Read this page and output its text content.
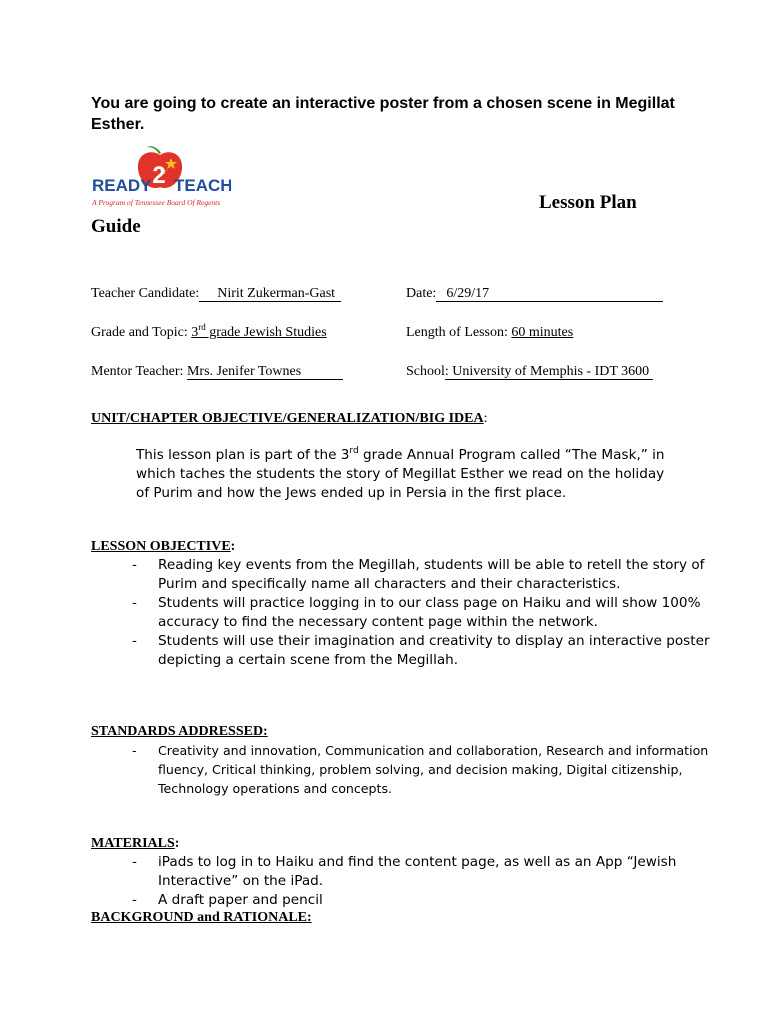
You are going to create an interactive poster from a chosen scene in Megillat Esther.
2
READY TEACH
A Program of Tennessee Board Of Regents	Lesson Plan
Guide
Teacher Candidate: Nirit Zukerman-Gast	Date: 6/29/17
Grade and Topic: 3rd grade Jewish Studies	Length of Lesson: 60 minutes
Mentor Teacher: Mrs. Jenifer Townes	School: University of Memphis - IDT 3600
UNIT/CHAPTER OBJECTIVE/GENERALIZATION/BIG IDEA:
This lesson plan is part of the 3rd grade Annual Program called “The Mask,” in which taches the students the story of Megillat Esther we read on the holiday of Purim and how the Jews ended up in Persia in the first place.
LESSON OBJECTIVE:
- Reading key events from the Megillah, students will be able to retell the story of Purim and specifically name all characters and their characteristics.
- Students will practice logging in to our class page on Haiku and will show 100% accuracy to find the necessary content page within the network.
- Students will use their imagination and creativity to display an interactive poster depicting a certain scene from the Megillah.
STANDARDS ADDRESSED:
- Creativity and innovation, Communication and collaboration, Research and information fluency, Critical thinking, problem solving, and decision making, Digital citizenship, Technology operations and concepts.
MATERIALS:
- iPads to log in to Haiku and find the content page, as well as an App “Jewish Interactive” on the iPad.
- A draft paper and pencil
BACKGROUND and RATIONALE:
